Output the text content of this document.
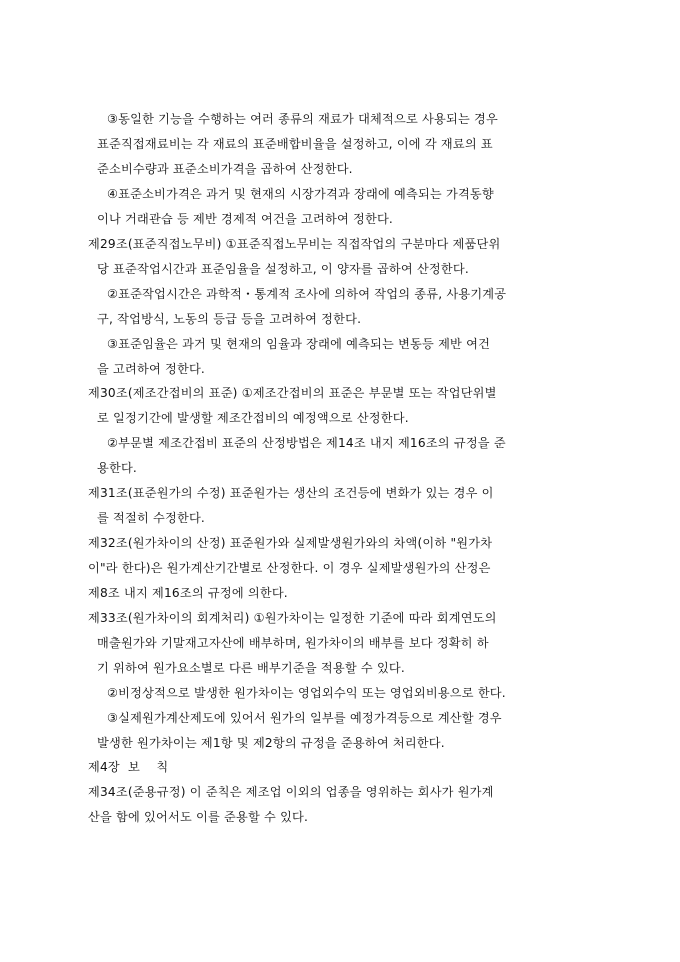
③동일한 기능을 수행하는 여러 종류의 재료가 대체적으로 사용되는 경우
표준직접재료비는 각 재료의 표준배합비율을 설정하고, 이에 각 재료의 표
준소비수량과 표준소비가격을 곱하여 산정한다.
④표준소비가격은 과거 및 현재의 시장가격과 장래에 예측되는 가격동향
이나 거래관습 등 제반 경제적 여건을 고려하여 정한다.
제29조(표준직접노무비) ①표준직접노무비는 직접작업의 구분마다 제품단위
당 표준작업시간과 표준임율을 설정하고, 이 양자를 곱하여 산정한다.
②표준작업시간은 과학적・통계적 조사에 의하여 작업의 종류, 사용기계공
구, 작업방식, 노동의 등급 등을 고려하여 정한다.
③표준임율은 과거 및 현재의 임율과 장래에 예측되는 변동등 제반 여건
을 고려하여 정한다.
제30조(제조간접비의 표준) ①제조간접비의 표준은 부문별 또는 작업단위별
로 일정기간에 발생할 제조간접비의 예정액으로 산정한다.
②부문별 제조간접비 표준의 산정방법은 제14조 내지 제16조의 규정을 준
용한다.
제31조(표준원가의 수정) 표준원가는 생산의 조건등에 변화가 있는 경우 이
를 적절히 수정한다.
제32조(원가차이의 산정) 표준원가와 실제발생원가와의 차액(이하 "원가차
이"라 한다)은 원가계산기간별로 산정한다. 이 경우 실제발생원가의 산정은
제8조 내지 제16조의 규정에 의한다.
제33조(원가차이의 회계처리) ①원가차이는 일정한 기준에 따라 회계연도의
매출원가와 기말재고자산에 배부하며, 원가차이의 배부를 보다 정확히 하
기 위하여 원가요소별로 다른 배부기준을 적용할 수 있다.
②비정상적으로 발생한 원가차이는 영업외수익 또는 영업외비용으로 한다.
③실제원가계산제도에 있어서 원가의 일부를 예정가격등으로 계산할 경우
발생한 원가차이는 제1항 및 제2항의 규정을 준용하여 처리한다.
제4장  보    칙
제34조(준용규정) 이 준칙은 제조업 이외의 업종을 영위하는 회사가 원가계
산을 함에 있어서도 이를 준용할 수 있다.
